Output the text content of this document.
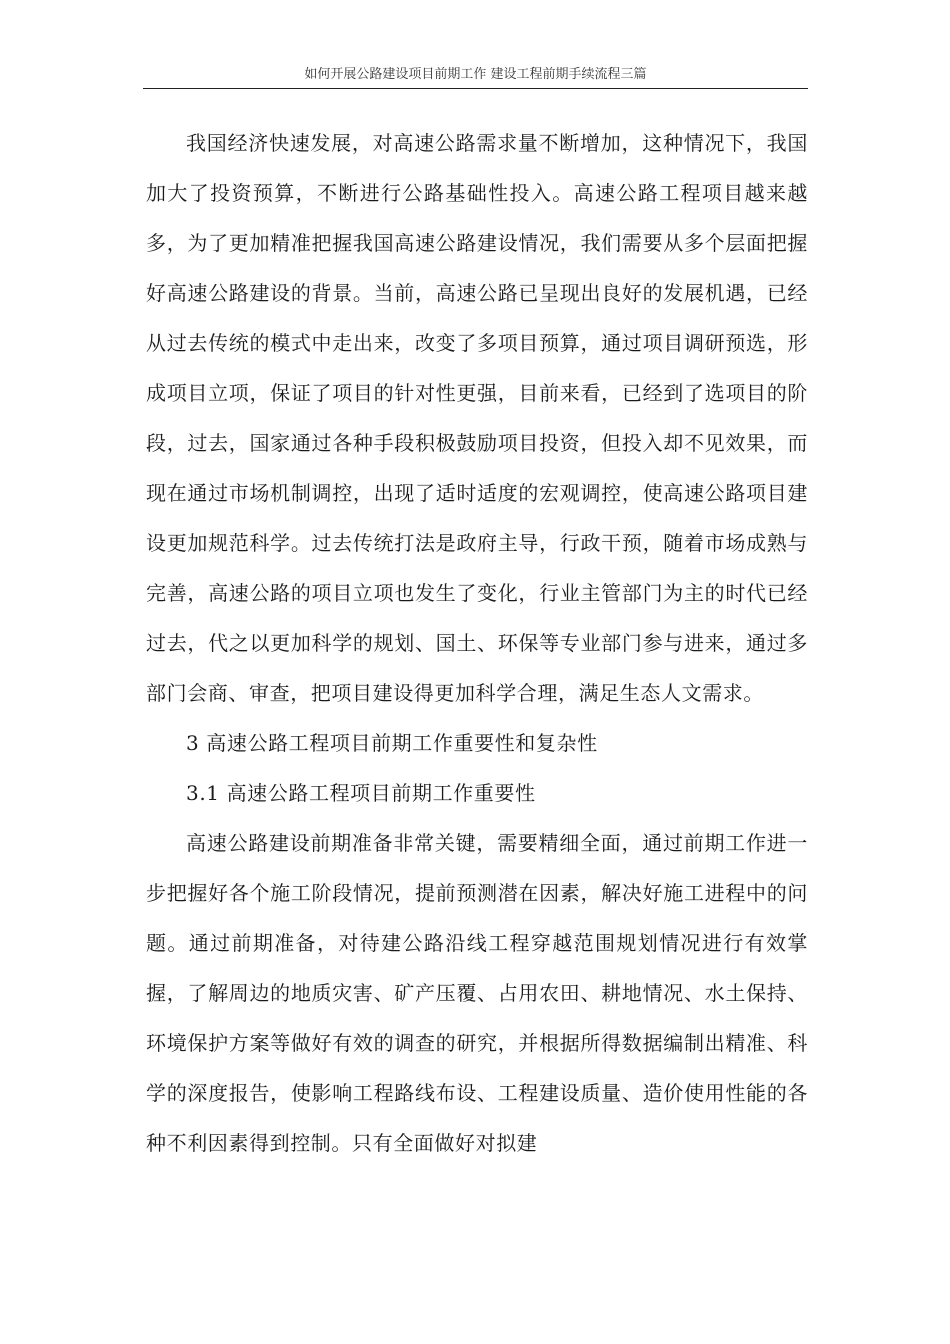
如何开展公路建设项目前期工作 建设工程前期手续流程三篇

我国经济快速发展，对高速公路需求量不断增加，这种情况下，我国加大了投资预算，不断进行公路基础性投入。高速公路工程项目越来越多，为了更加精准把握我国高速公路建设情况，我们需要从多个层面把握好高速公路建设的背景。当前，高速公路已呈现出良好的发展机遇，已经从过去传统的模式中走出来，改变了多项目预算，通过项目调研预选，形成项目立项，保证了项目的针对性更强，目前来看，已经到了选项目的阶段，过去，国家通过各种手段积极鼓励项目投资，但投入却不见效果，而现在通过市场机制调控，出现了适时适度的宏观调控，使高速公路项目建设更加规范科学。过去传统打法是政府主导，行政干预，随着市场成熟与完善，高速公路的项目立项也发生了变化，行业主管部门为主的时代已经过去，代之以更加科学的规划、国土、环保等专业部门参与进来，通过多部门会商、审查，把项目建设得更加科学合理，满足生态人文需求。

3 高速公路工程项目前期工作重要性和复杂性

3.1 高速公路工程项目前期工作重要性

高速公路建设前期准备非常关键，需要精细全面，通过前期工作进一步把握好各个施工阶段情况，提前预测潜在因素，解决好施工进程中的问题。通过前期准备，对待建公路沿线工程穿越范围规划情况进行有效掌握，了解周边的地质灾害、矿产压覆、占用农田、耕地情况、水土保持、环境保护方案等做好有效的调查的研究，并根据所得数据编制出精准、科学的深度报告，使影响工程路线布设、工程建设质量、造价使用性能的各种不利因素得到控制。只有全面做好对拟建
